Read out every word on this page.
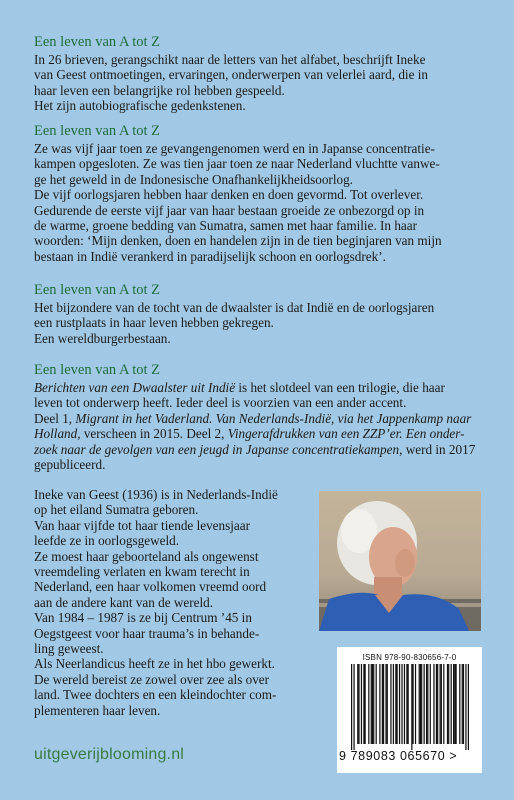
Een leven van A tot Z
In 26 brieven, gerangschikt naar de letters van het alfabet, beschrijft Ineke
van Geest ontmoetingen, ervaringen, onderwerpen van velerlei aard, die in
haar leven een belangrijke rol hebben gespeeld.
Het zijn autobiografische gedenkstenen.
Een leven van A tot Z
Ze was vijf jaar toen ze gevangengenomen werd en in Japanse concentratie-
kampen opgesloten. Ze was tien jaar toen ze naar Nederland vluchtte vanwe-
ge het geweld in de Indonesische Onafhankelijkheidsoorlog.
De vijf oorlogsjaren hebben haar denken en doen gevormd. Tot overlever.
Gedurende de eerste vijf jaar van haar bestaan groeide ze onbezorgd op in
de warme, groene bedding van Sumatra, samen met haar familie. In haar
woorden: ‘Mijn denken, doen en handelen zijn in de tien beginjaren van mijn
bestaan in Indië verankerd in paradijselijk schoon en oorlogsdrek’.
Een leven van A tot Z
Het bijzondere van de tocht van de dwaalster is dat Indië en de oorlogsjaren
een rustplaats in haar leven hebben gekregen.
Een wereldburgerbestaan.
Een leven van A tot Z
Berichten van een Dwaalster uit Indië is het slotdeel van een trilogie, die haar
leven tot onderwerp heeft. Ieder deel is voorzien van een ander accent.
Deel 1, Migrant in het Vaderland. Van Nederlands-Indië, via het Jappenkamp naar
Holland, verscheen in 2015. Deel 2, Vingerafdrukken van een ZZP’er. Een onder-
zoek naar de gevolgen van een jeugd in Japanse concentratiekampen, werd in 2017
gepubliceerd.
Ineke van Geest (1936) is in Nederlands-Indië
op het eiland Sumatra geboren.
Van haar vijfde tot haar tiende levensjaar
leefde ze in oorlogsgeweld.
Ze moest haar geboorteland als ongewenst
vreemdeling verlaten en kwam terecht in
Nederland, een haar volkomen vreemd oord
aan de andere kant van de wereld.
Van 1984 – 1987 is ze bij Centrum ’45 in
Oegstgeest voor haar trauma’s in behande-
ling geweest.
Als Neerlandicus heeft ze in het hbo gewerkt.
De wereld bereist ze zowel over zee als over
land. Twee dochters en een kleindochter com-
plementeren haar leven.
ISBN 978-90-830656-7-0
9 789083 065670 >
uitgeverijblooming.nl
